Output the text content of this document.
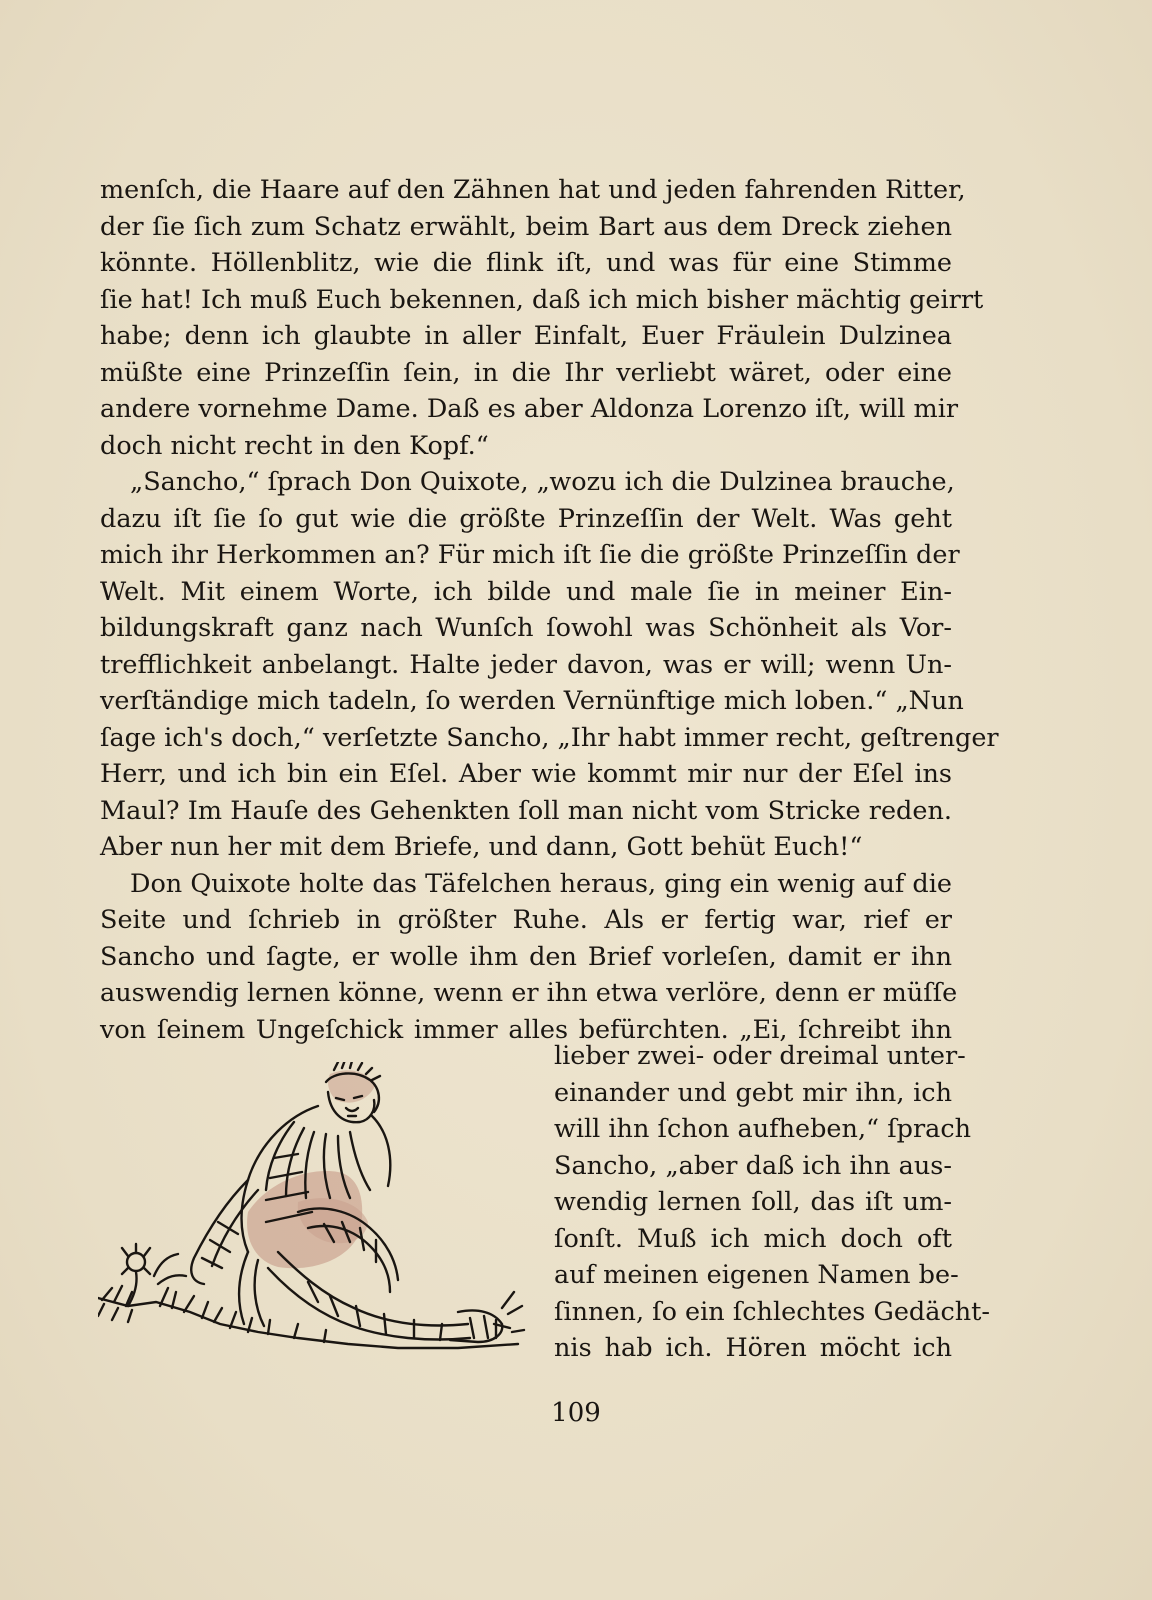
menſch, die Haare auf den Zähnen hat und jeden fahrenden Ritter,
der ſie ſich zum Schatz erwählt, beim Bart aus dem Dreck ziehen
könnte. Höllenblitz, wie die flink iſt, und was für eine Stimme
ſie hat! Ich muß Euch bekennen, daß ich mich bisher mächtig geirrt
habe; denn ich glaubte in aller Einfalt, Euer Fräulein Dulzinea
müßte eine Prinzeſſin ſein, in die Ihr verliebt wäret, oder eine
andere vornehme Dame. Daß es aber Aldonza Lorenzo iſt, will mir
doch nicht recht in den Kopf.“
„Sancho,“ ſprach Don Quixote, „wozu ich die Dulzinea brauche,
dazu iſt ſie ſo gut wie die größte Prinzeſſin der Welt. Was geht
mich ihr Herkommen an? Für mich iſt ſie die größte Prinzeſſin der
Welt. Mit einem Worte, ich bilde und male ſie in meiner Ein-
bildungskraft ganz nach Wunſch ſowohl was Schönheit als Vor-
trefflichkeit anbelangt. Halte jeder davon, was er will; wenn Un-
verſtändige mich tadeln, ſo werden Vernünftige mich loben.“ „Nun
ſage ich's doch,“ verſetzte Sancho, „Ihr habt immer recht, geſtrenger
Herr, und ich bin ein Eſel. Aber wie kommt mir nur der Eſel ins
Maul? Im Hauſe des Gehenkten ſoll man nicht vom Stricke reden.
Aber nun her mit dem Briefe, und dann, Gott behüt Euch!“
Don Quixote holte das Täfelchen heraus, ging ein wenig auf die
Seite und ſchrieb in größter Ruhe. Als er fertig war, rief er
Sancho und ſagte, er wolle ihm den Brief vorleſen, damit er ihn
auswendig lernen könne, wenn er ihn etwa verlöre, denn er müſſe
von ſeinem Ungeſchick immer alles befürchten. „Ei, ſchreibt ihn
lieber zwei- oder dreimal unter-
einander und gebt mir ihn, ich
will ihn ſchon aufheben,“ ſprach
Sancho, „aber daß ich ihn aus-
wendig lernen ſoll, das iſt um-
ſonſt. Muß ich mich doch oft
auf meinen eigenen Namen be-
ſinnen, ſo ein ſchlechtes Gedächt-
nis hab ich. Hören möcht ich
109
